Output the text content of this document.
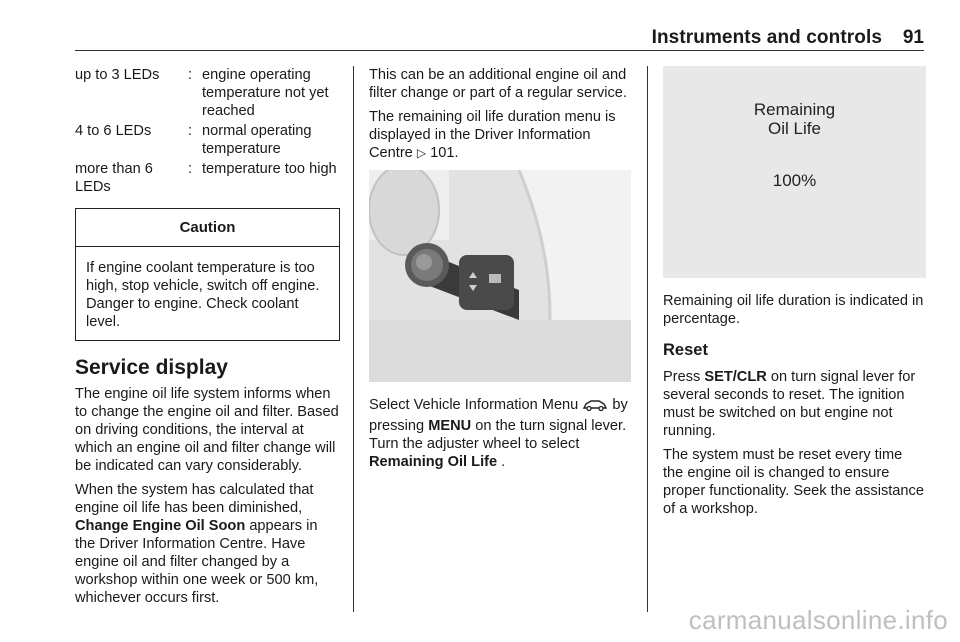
Instruments and controls 91
up to 3 LEDs	:	engine operating temperature not yet reached
4 to 6 LEDs	:	normal operating temperature
more than 6 LEDs	:	temperature too high
Caution
If engine coolant temperature is too high, stop vehicle, switch off engine. Danger to engine. Check coolant level.
Service display

The engine oil life system informs when to change the engine oil and filter. Based on driving conditions, the interval at which an engine oil and filter change will be indicated can vary considerably.

When the system has calculated that engine oil life has been diminished, Change Engine Oil Soon appears in the Driver Information Centre. Have engine oil and filter changed by a workshop within one week or 500 km, whichever occurs first.

This can be an additional engine oil and filter change or part of a regular service.

The remaining oil life duration menu is displayed in the Driver Information Centre ▷ 101.

Select Vehicle Information Menu  by pressing MENU on the turn signal lever. Turn the adjuster wheel to select Remaining Oil Life .

Remaining
Oil Life
100%

Remaining oil life duration is indicated in percentage.

Reset

Press SET/CLR on turn signal lever for several seconds to reset. The ignition must be switched on but engine not running.

The system must be reset every time the engine oil is changed to ensure proper functionality. Seek the assistance of a workshop.

carmanualsonline.info
